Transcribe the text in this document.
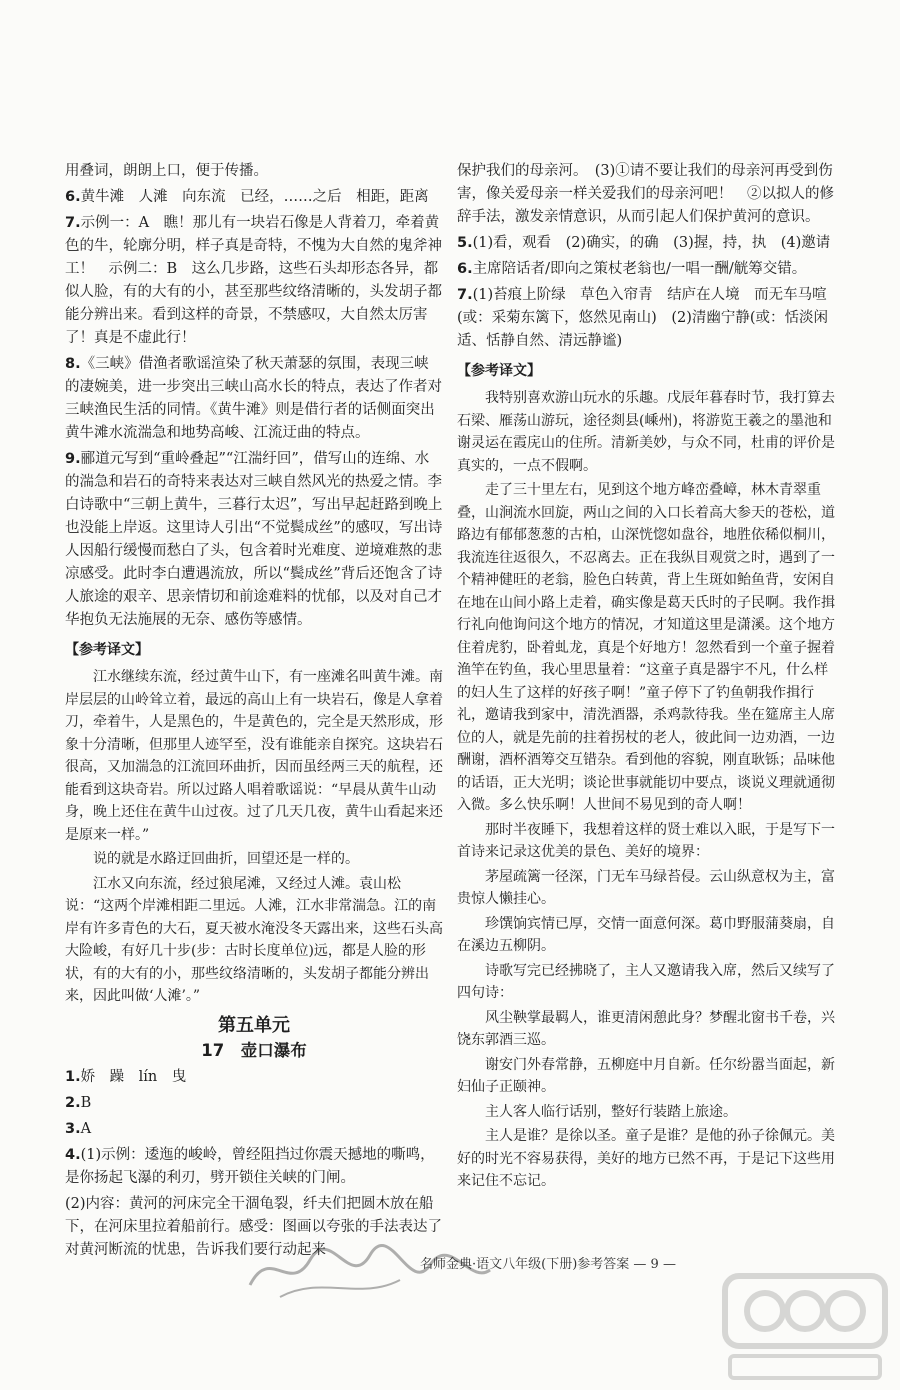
用叠词，朗朗上口，便于传播。
6.黄牛滩　人滩　向东流　已经，……之后　相距，距离
7.示例一：A　瞧！那儿有一块岩石像是人背着刀，牵着黄色的牛，轮廓分明，样子真是奇特，不愧为大自然的鬼斧神工！　示例二：B　这么几步路，这些石头却形态各异，都似人脸，有的大有的小，甚至那些纹络清晰的，头发胡子都能分辨出来。看到这样的奇景，不禁感叹，大自然太厉害了！真是不虚此行！
8.《三峡》借渔者歌谣渲染了秋天萧瑟的氛围，表现三峡的凄婉美，进一步突出三峡山高水长的特点，表达了作者对三峡渔民生活的同情。《黄牛滩》则是借行者的话侧面突出黄牛滩水流湍急和地势高峻、江流迂曲的特点。
9.郦道元写到“重岭叠起”“江湍纡回”，借写山的连绵、水的湍急和岩石的奇特来表达对三峡自然风光的热爱之情。李白诗歌中“三朝上黄牛，三暮行太迟”，写出早起赶路到晚上也没能上岸返。这里诗人引出“不觉鬓成丝”的感叹，写出诗人因船行缓慢而愁白了头，包含着时光难度、逆境难熬的悲凉感受。此时李白遭遇流放，所以“鬓成丝”背后还饱含了诗人旅途的艰辛、思亲情切和前途难料的忧郁，以及对自己才华抱负无法施展的无奈、感伤等感情。
【参考译文】

江水继续东流，经过黄牛山下，有一座滩名叫黄牛滩。南岸层层的山岭耸立着，最远的高山上有一块岩石，像是人拿着刀，牵着牛，人是黑色的，牛是黄色的，完全是天然形成，形象十分清晰，但那里人迹罕至，没有谁能亲自探究。这块岩石很高，又加湍急的江流回环曲折，因而虽经两三天的航程，还能看到这块奇岩。所以过路人唱着歌谣说：“早晨从黄牛山动身，晚上还住在黄牛山过夜。过了几天几夜，黄牛山看起来还是原来一样。”

说的就是水路迂回曲折，回望还是一样的。

江水又向东流，经过狼尾滩，又经过人滩。袁山松说：“这两个岸滩相距二里远。人滩，江水非常湍急。江的南岸有许多青色的大石，夏天被水淹没冬天露出来，这些石头高大险峻，有好几十步(步：古时长度单位)远，都是人脸的形状，有的大有的小，那些纹络清晰的，头发胡子都能分辨出来，因此叫做‘人滩’。”

第五单元
17　壶口瀑布
1.娇　躁　lín　曳
2.B
3.A
4.(1)示例：逶迤的峻岭，曾经阻挡过你震天撼地的嘶鸣，是你扬起飞瀑的利刃，劈开锁住关峡的门闸。
(2)内容：黄河的河床完全干涸龟裂，纤夫们把圆木放在船下，在河床里拉着船前行。感受：图画以夸张的手法表达了对黄河断流的忧患，告诉我们要行动起来
保护我们的母亲河。　(3)①请不要让我们的母亲河再受到伤害，像关爱母亲一样关爱我们的母亲河吧！　②以拟人的修辞手法，激发亲情意识，从而引起人们保护黄河的意识。
5.(1)看，观看　(2)确实，的确　(3)握，持，执　(4)邀请
6.主席陪话者/即向之策杖老翁也/一唱一酬/觥筹交错。
7.(1)苔痕上阶绿　草色入帘青　结庐在人境　而无车马喧(或：采菊东篱下，悠然见南山)　(2)清幽宁静(或：恬淡闲适、恬静自然、清远静谧)
【参考译文】

我特别喜欢游山玩水的乐趣。戊辰年暮春时节，我打算去石梁、雁荡山游玩，途径剡县(嵊州)，将游览王羲之的墨池和谢灵运在霞庑山的住所。清新美妙，与众不同，杜甫的评价是真实的，一点不假啊。

走了三十里左右，见到这个地方峰峦叠嶂，林木青翠重叠，山涧流水回旋，两山之间的入口长着高大参天的苍松，道路边有郁郁葱葱的古柏，山深恍惚如盘谷，地胜依稀似桐川，我流连往返很久，不忍离去。正在我纵目观赏之时，遇到了一个精神健旺的老翁，脸色白转黄，背上生斑如鲐鱼背，安闲自在地在山间小路上走着，确实像是葛天氏时的子民啊。我作揖行礼向他询问这个地方的情况，才知道这里是潇溪。这个地方住着虎豹，卧着虬龙，真是个好地方！忽然看到一个童子握着渔竿在钓鱼，我心里思量着：“这童子真是器宇不凡，什么样的妇人生了这样的好孩子啊！”童子停下了钓鱼朝我作揖行礼，邀请我到家中，清洗酒器，杀鸡款待我。坐在筵席主人席位的人，就是先前的拄着拐杖的老人，彼此间一边劝酒，一边酬谢，酒杯酒筹交互错杂。看到他的容貌，刚直耿铄；品味他的话语，正大光明；谈论世事就能切中要点，谈说义理就通彻入微。多么快乐啊！人世间不易见到的奇人啊！

那时半夜睡下，我想着这样的贤士难以入眠，于是写下一首诗来记录这优美的景色、美好的境界：

茅屋疏篱一径深，门无车马绿苔侵。云山纵意权为主，富贵惊人懒挂心。

珍馔饷宾情已厚，交情一面意何深。葛巾野服蒲葵扇，自在溪边五柳阴。

诗歌写完已经拂晓了，主人又邀请我入席，然后又续写了四句诗：

风尘鞅掌最羁人，谁更清闲憩此身？梦醒北窗书千卷，兴饶东郭酒三巡。

谢安门外春常静，五柳庭中月自新。任尔纷嚣当面起，新妇仙子正颐神。

主人客人临行话别，整好行装踏上旅途。

主人是谁？是徐以圣。童子是谁？是他的孙子徐佩元。美好的时光不容易获得，美好的地方已然不再，于是记下这些用来记住不忘记。

名师金典·语文八年级(下册)参考答案 — 9 —
